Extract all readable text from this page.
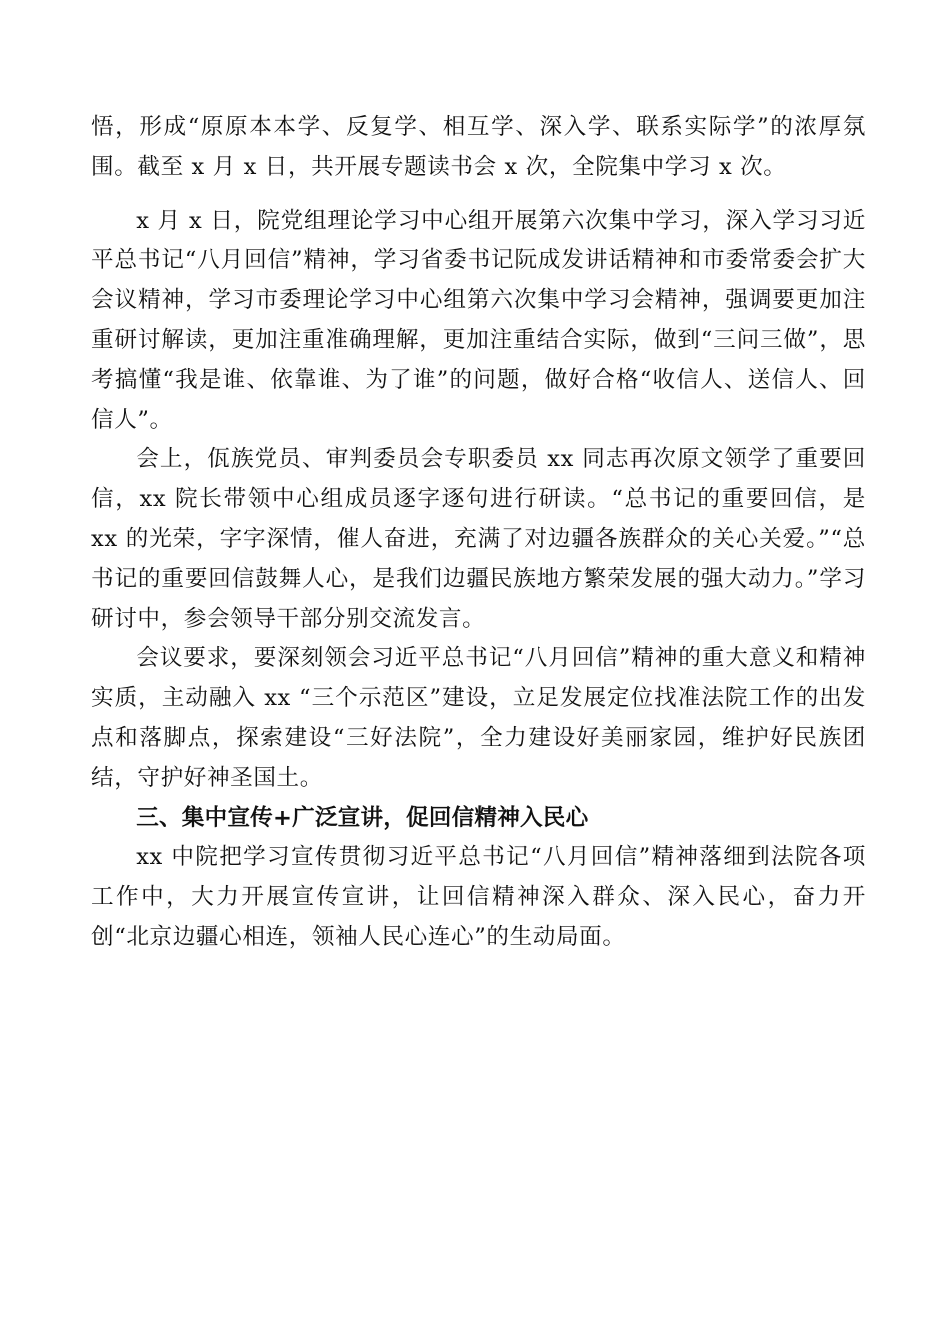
悟，形成“原原本本学、反复学、相互学、深入学、联系实际学”的浓厚氛围。截至 x 月 x 日，共开展专题读书会 x 次，全院集中学习 x 次。

x 月 x 日，院党组理论学习中心组开展第六次集中学习，深入学习习近平总书记“八月回信”精神，学习省委书记阮成发讲话精神和市委常委会扩大会议精神，学习市委理论学习中心组第六次集中学习会精神，强调要更加注重研讨解读，更加注重准确理解，更加注重结合实际，做到“三问三做”，思考搞懂“我是谁、依靠谁、为了谁”的问题，做好合格“收信人、送信人、回信人”。

会上，佤族党员、审判委员会专职委员 xx 同志再次原文领学了重要回信，xx 院长带领中心组成员逐字逐句进行研读。“总书记的重要回信，是 xx 的光荣，字字深情，催人奋进，充满了对边疆各族群众的关心关爱。”“总书记的重要回信鼓舞人心，是我们边疆民族地方繁荣发展的强大动力。”学习研讨中，参会领导干部分别交流发言。

会议要求，要深刻领会习近平总书记“八月回信”精神的重大意义和精神实质，主动融入 xx “三个示范区”建设，立足发展定位找准法院工作的出发点和落脚点，探索建设“三好法院”，全力建设好美丽家园，维护好民族团结，守护好神圣国土。

三、集中宣传+广泛宣讲，促回信精神入民心

xx 中院把学习宣传贯彻习近平总书记“八月回信”精神落细到法院各项工作中，大力开展宣传宣讲，让回信精神深入群众、深入民心，奋力开创“北京边疆心相连，领袖人民心连心”的生动局面。
